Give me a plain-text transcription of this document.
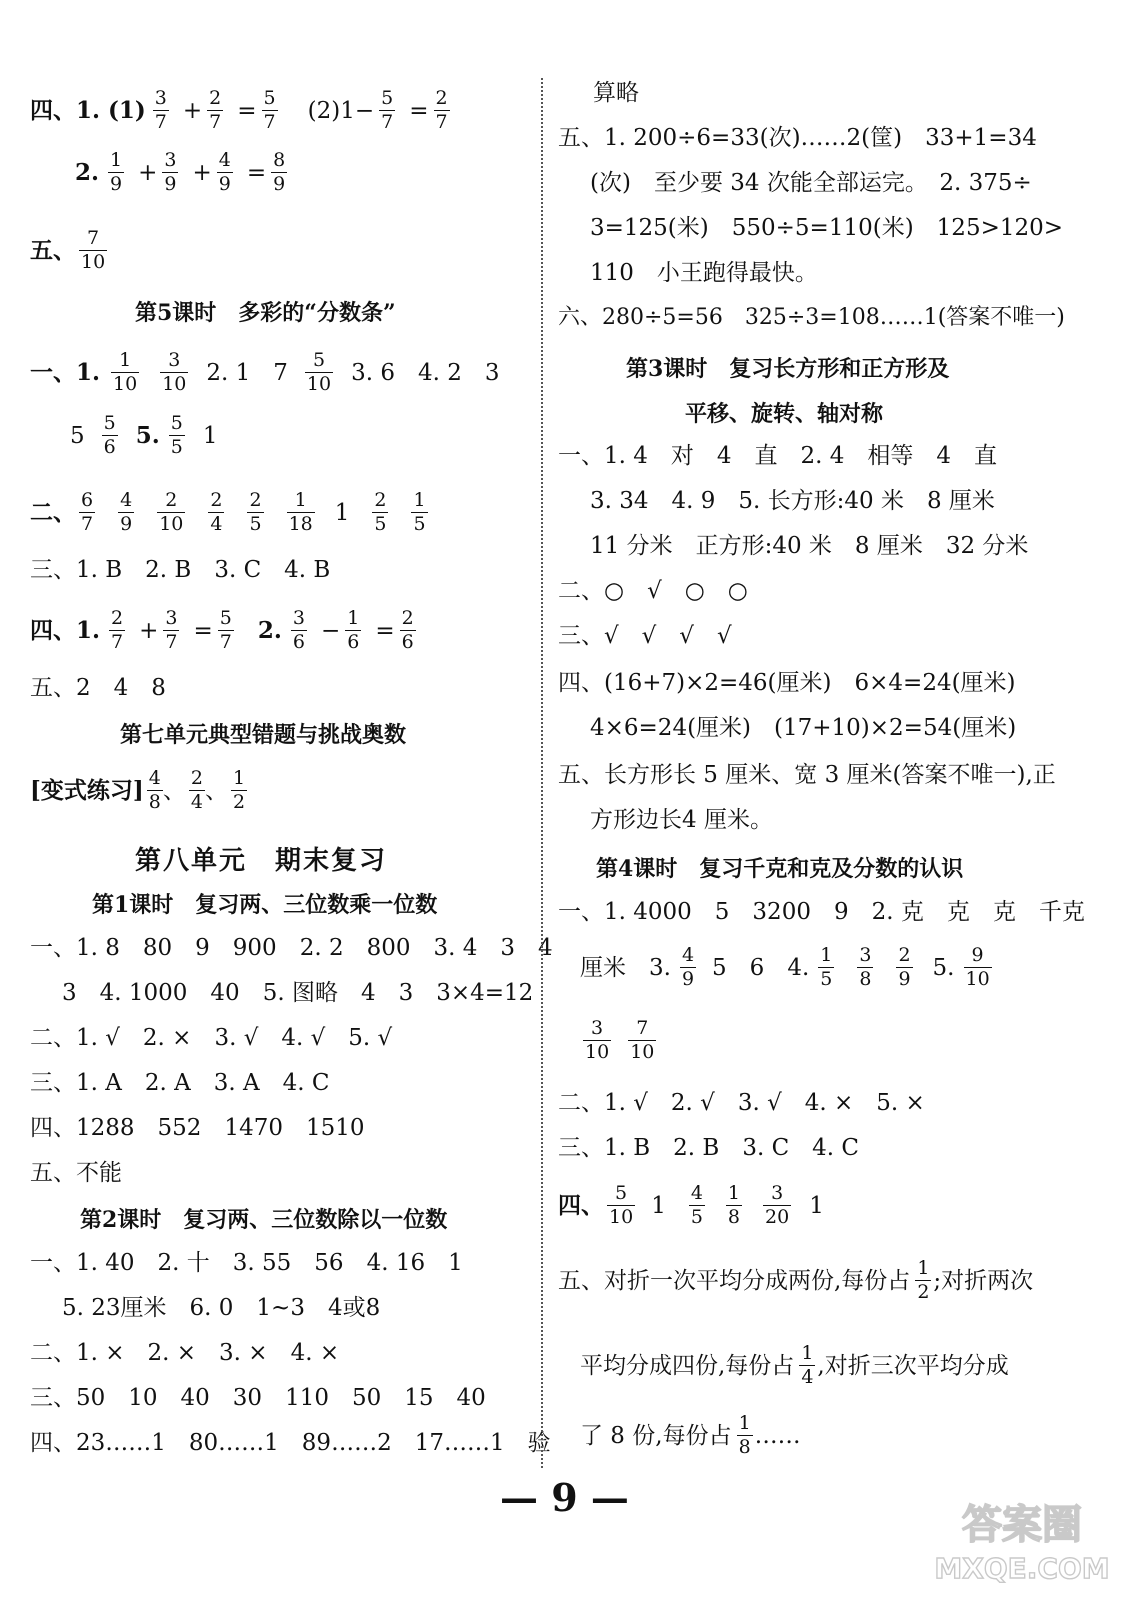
四、1. $(1) \frac{3}{7} + \frac{2}{7} = \frac{5}{7} (2)1- \frac{5}{7} = \frac{2}{7}$
2. $\frac{1}{9} + \frac{3}{9} + \frac{4}{9} = \frac{8}{9}$
五、 $\frac{7}{10}$
第5课时　多彩的“分数条”
一、1. $\frac{1}{10} \frac{3}{10} 2$. 1　$7 \frac{5}{10} 3$. 6　4. 2　3
$5 \frac{5}{6} 5$. $\frac{5}{5} 1$
二、 $\frac{6}{7} \frac{4}{9} \frac{2}{10} \frac{2}{4} \frac{2}{5} \frac{1}{18} 1 \frac{2}{5} \frac{1}{5}$
三、1. B　2. B　3. C　4. B
四、1. $\frac{2}{7} + \frac{3}{7} = \frac{5}{7} 2$. $\frac{3}{6} - \frac{1}{6} = \frac{2}{6}$
五、2　4　8
第七单元典型错题与挑战奥数
[变式练习] $\frac{4}{8}$ 、 $\frac{2}{4}$ 、 $\frac{1}{2}$
第八单元　期末复习
第1课时　复习两、三位数乘一位数
一、1. 8　80　9　900　2. 2　800　3. 4　3　4
3　4. 1000　40　5. 图略　4　3　3×4=12
二、1. √　2. ×　3. √　4. √　5. √
三、1. A　2. A　3. A　4. C
四、1288　552　1470　1510
五、不能
第2课时　复习两、三位数除以一位数
一、1. 40　2. 十　3. 55　56　4. 16　1
5. 23厘米　6. 0　1~3　4或8
二、1. ×　2. ×　3. ×　4. ×
三、50　10　40　30　110　50　15　40
四、23……1　80……1　89……2　17……1　验
算略
五、1. 200÷6=33(次)……2(筐)　33+1=34
(次)　至少要 34 次能全部运完。　2. 375÷
3=125(米)　550÷5=110(米)　125>120>
110　小王跑得最快。
六、280÷5=56　325÷3=108……1(答案不唯一)
第3课时　复习长方形和正方形及
平移、旋转、轴对称
一、1. 4　对　4　直　2. 4　相等　4　直
3. 34　4. 9　5. 长方形:40 米　8 厘米
11 分米　正方形:40 米　8 厘米　32 分米
二、○　√　○　○
三、√　√　√　√
四、(16+7)×2=46(厘米)　6×4=24(厘米)
4×6=24(厘米)　(17+10)×2=54(厘米)
五、长方形长 5 厘米、宽 3 厘米(答案不唯一),正
方形边长4 厘米。
第4课时　复习千克和克及分数的认识
一、1. 4000　5　3200　9　2. 克　克　克　千克
厘米　3. $\frac{4}{9} 5$　6　4. $\frac{1}{5} \frac{3}{8} \frac{2}{9} 5$. $\frac{9}{10}$
$\frac{3}{10} \frac{7}{10}$
二、1. √　2. √　3. √　4. ×　5. ×
三、1. B　2. B　3. C　4. C
四、 $\frac{5}{10} 1 \frac{4}{5} \frac{1}{8} \frac{3}{20} 1$
五、对折一次平均分成两份,每份占 $\frac{1}{2}$ ;对折两次
平均分成四份,每份占 $\frac{1}{4}$ ,对折三次平均分成
了 8 份,每份占 $\frac{1}{8}$ ……
— 9 —
答案圈
MXQE.COM
